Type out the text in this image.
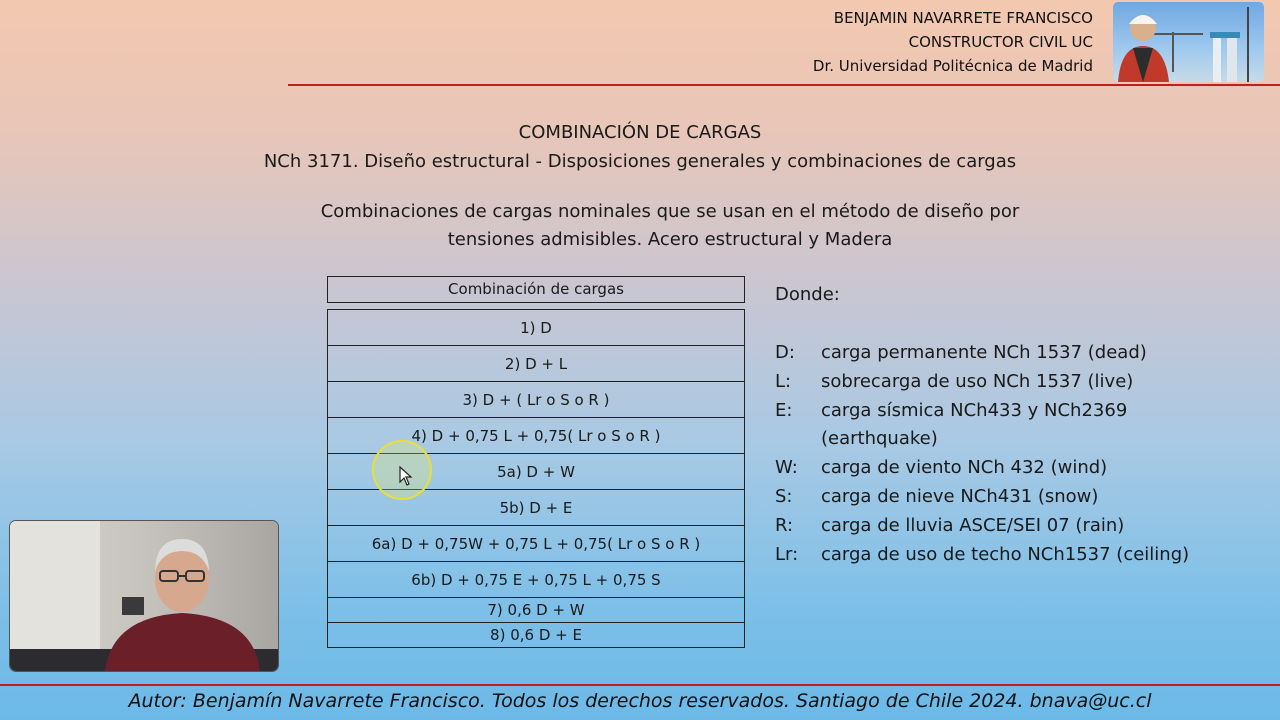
BENJAMIN NAVARRETE FRANCISCO
CONSTRUCTOR CIVIL UC
Dr. Universidad Politécnica de Madrid
COMBINACIÓN DE CARGAS
NCh 3171. Diseño estructural - Disposiciones generales y combinaciones de cargas
Combinaciones de cargas nominales que se usan en el método de diseño por
tensiones admisibles. Acero estructural y Madera
Combinación de cargas
1) D
2) D + L
3) D + ( Lr o S o R )
4) D + 0,75 L + 0,75( Lr o S o R )
5a) D + W
5b) D + E
6a) D + 0,75W + 0,75 L + 0,75( Lr o S o R )
6b) D + 0,75 E + 0,75 L + 0,75 S
7) 0,6 D + W
8) 0,6 D + E
Donde:
D:	carga permanente NCh 1537 (dead)
L:	sobrecarga de uso NCh 1537 (live)
E:	carga sísmica NCh433 y NCh2369 (earthquake)
W:	carga de viento NCh 432 (wind)
S:	carga de nieve NCh431 (snow)
R:	carga de lluvia ASCE/SEI 07 (rain)
Lr:	carga de uso de techo NCh1537 (ceiling)
Autor: Benjamín Navarrete Francisco. Todos los derechos reservados. Santiago de Chile 2024. bnava@uc.cl
